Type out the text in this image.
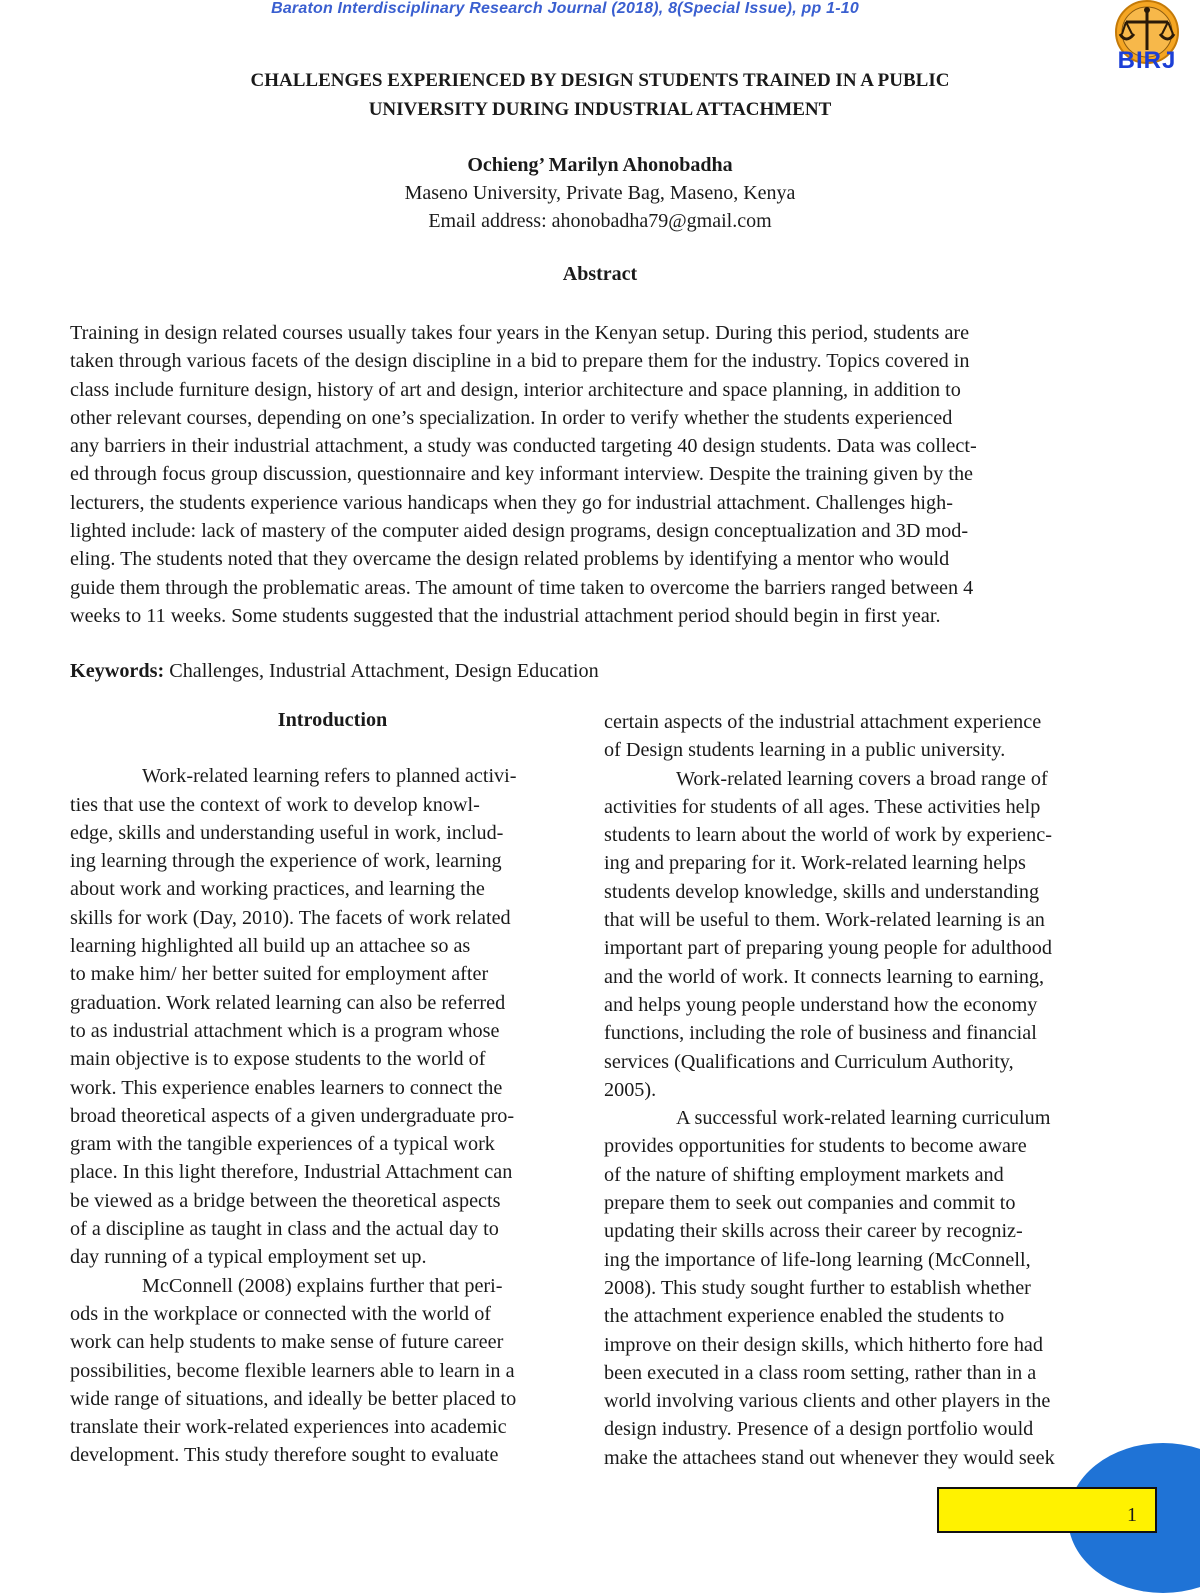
Baraton Interdisciplinary Research Journal (2018), 8(Special Issue), pp 1-10
BIRJ
CHALLENGES EXPERIENCED BY DESIGN STUDENTS TRAINED IN A PUBLIC
UNIVERSITY DURING INDUSTRIAL ATTACHMENT
Ochieng’ Marilyn Ahonobadha
Maseno University, Private Bag, Maseno, Kenya
Email address: ahonobadha79@gmail.com
Abstract
Training in design related courses usually takes four years in the Kenyan setup. During this period, students are
taken through various facets of the design discipline in a bid to prepare them for the industry. Topics covered in
class include furniture design, history of art and design, interior architecture and space planning, in addition to
other relevant courses, depending on one’s specialization. In order to verify whether the students experienced
any barriers in their industrial attachment, a study was conducted targeting 40 design students. Data was collect-
ed through focus group discussion, questionnaire and key informant interview. Despite the training given by the
lecturers, the students experience various handicaps when they go for industrial attachment. Challenges high-
lighted include: lack of mastery of the computer aided design programs, design conceptualization and 3D mod-
eling. The students noted that they overcame the design related problems by identifying a mentor who would
guide them through the problematic areas. The amount of time taken to overcome the barriers ranged between 4
weeks to 11 weeks. Some students suggested that the industrial attachment period should begin in first year.
Keywords: Challenges, Industrial Attachment, Design Education
Introduction
Work-related learning refers to planned activi-
ties that use the context of work to develop knowl-
edge, skills and understanding useful in work, includ-
ing learning through the experience of work, learning
about work and working practices, and learning the
skills for work (Day, 2010). The facets of work related
learning highlighted all build up an attachee so as
to make him/ her better suited for employment after
graduation. Work related learning can also be referred
to as industrial attachment which is a program whose
main objective is to expose students to the world of
work. This experience enables learners to connect the
broad theoretical aspects of a given undergraduate pro-
gram with the tangible experiences of a typical work
place. In this light therefore, Industrial Attachment can
be viewed as a bridge between the theoretical aspects
of a discipline as taught in class and the actual day to
day running of a typical employment set up.
McConnell (2008) explains further that peri-
ods in the workplace or connected with the world of
work can help students to make sense of future career
possibilities, become flexible learners able to learn in a
wide range of situations, and ideally be better placed to
translate their work-related experiences into academic
development. This study therefore sought to evaluate
certain aspects of the industrial attachment experience
of Design students learning in a public university.
Work-related learning covers a broad range of
activities for students of all ages. These activities help
students to learn about the world of work by experienc-
ing and preparing for it. Work-related learning helps
students develop knowledge, skills and understanding
that will be useful to them. Work-related learning is an
important part of preparing young people for adulthood
and the world of work. It connects learning to earning,
and helps young people understand how the economy
functions, including the role of business and financial
services (Qualifications and Curriculum Authority,
2005).
A successful work-related learning curriculum
provides opportunities for students to become aware
of the nature of shifting employment markets and
prepare them to seek out companies and commit to
updating their skills across their career by recogniz-
ing the importance of life-long learning (McConnell,
2008). This study sought further to establish whether
the attachment experience enabled the students to
improve on their design skills, which hitherto fore had
been executed in a class room setting, rather than in a
world involving various clients and other players in the
design industry. Presence of a design portfolio would
make the attachees stand out whenever they would seek
1
